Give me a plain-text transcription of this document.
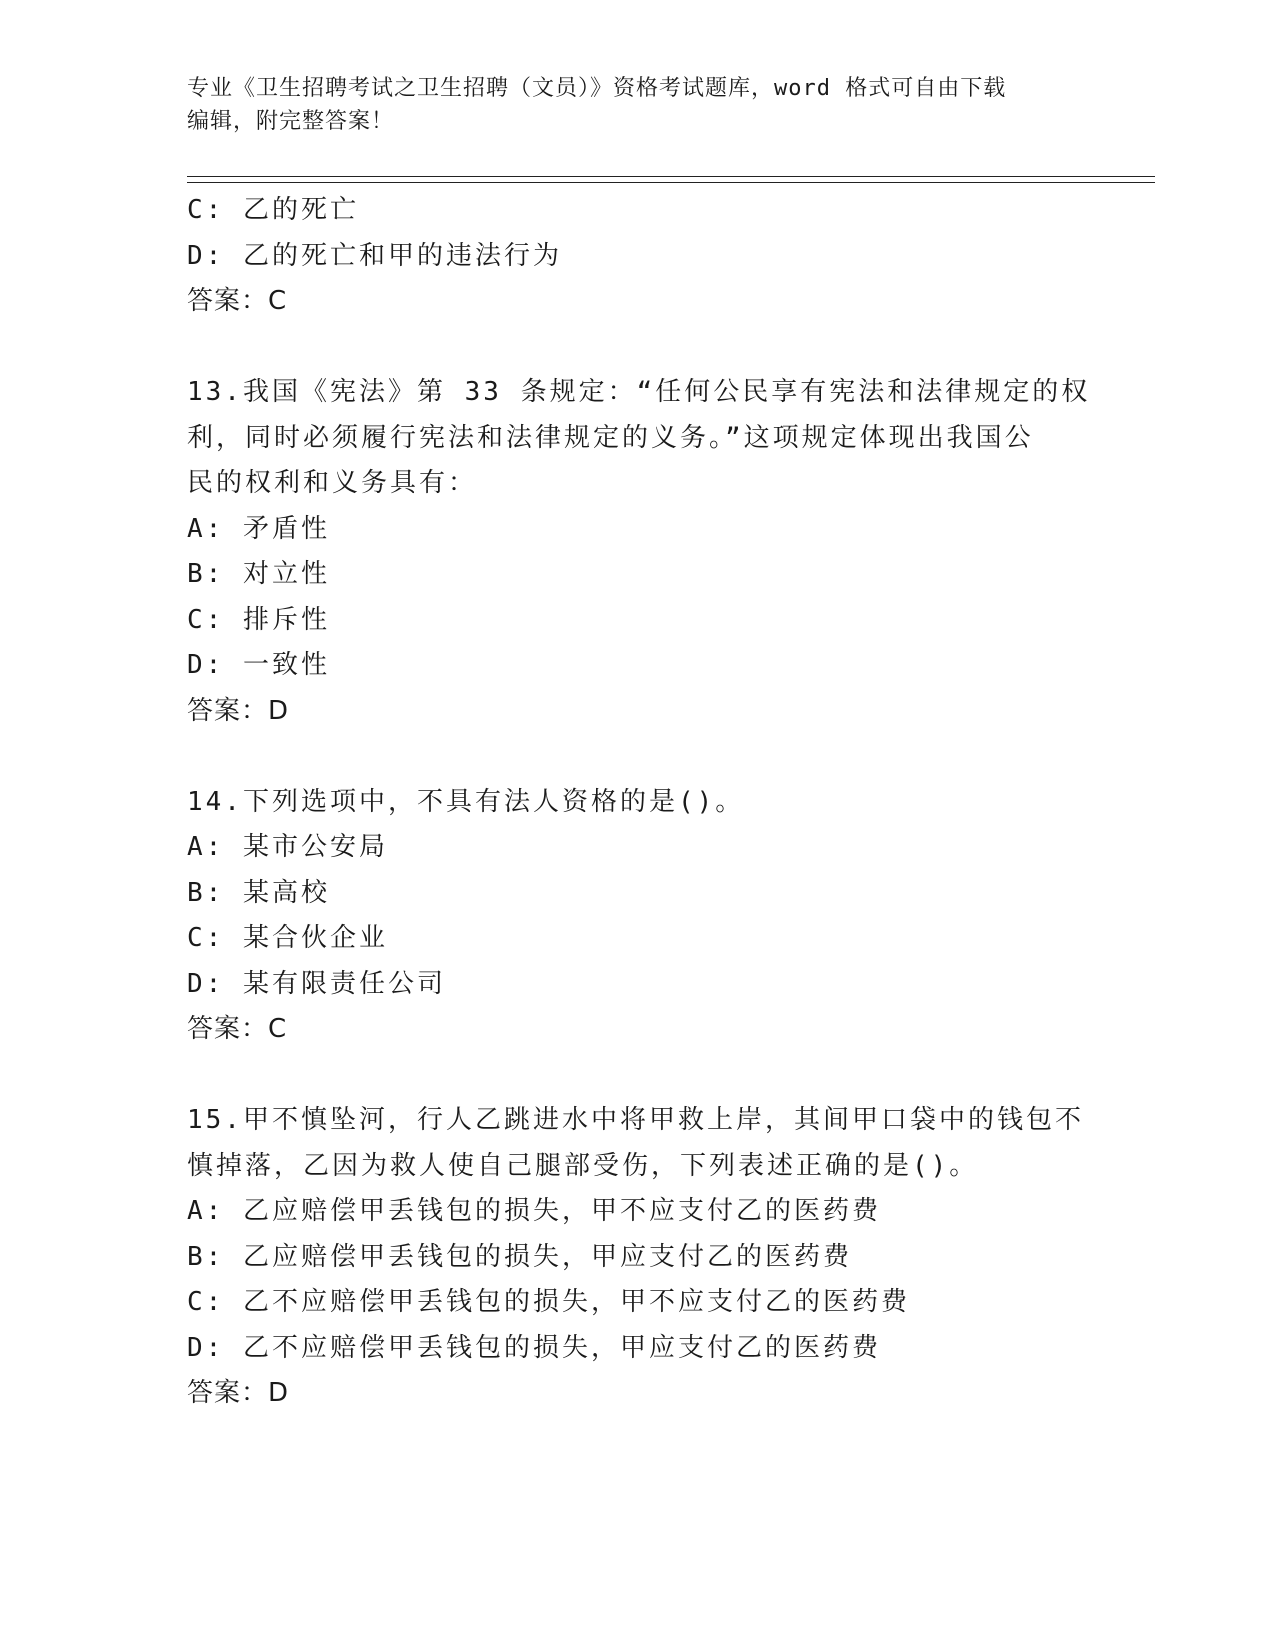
专业《卫生招聘考试之卫生招聘（文员）》资格考试题库，word 格式可自由下载
编辑，附完整答案！
C: 乙的死亡
D: 乙的死亡和甲的违法行为
答案：C
13.我国《宪法》第 33 条规定：“任何公民享有宪法和法律规定的权
利，同时必须履行宪法和法律规定的义务。”这项规定体现出我国公
民的权利和义务具有：
A: 矛盾性
B: 对立性
C: 排斥性
D: 一致性
答案：D
14.下列选项中，不具有法人资格的是()。
A: 某市公安局
B: 某高校
C: 某合伙企业
D: 某有限责任公司
答案：C
15.甲不慎坠河，行人乙跳进水中将甲救上岸，其间甲口袋中的钱包不
慎掉落，乙因为救人使自己腿部受伤，下列表述正确的是()。
A: 乙应赔偿甲丢钱包的损失，甲不应支付乙的医药费
B: 乙应赔偿甲丢钱包的损失，甲应支付乙的医药费
C: 乙不应赔偿甲丢钱包的损失，甲不应支付乙的医药费
D: 乙不应赔偿甲丢钱包的损失，甲应支付乙的医药费
答案：D
